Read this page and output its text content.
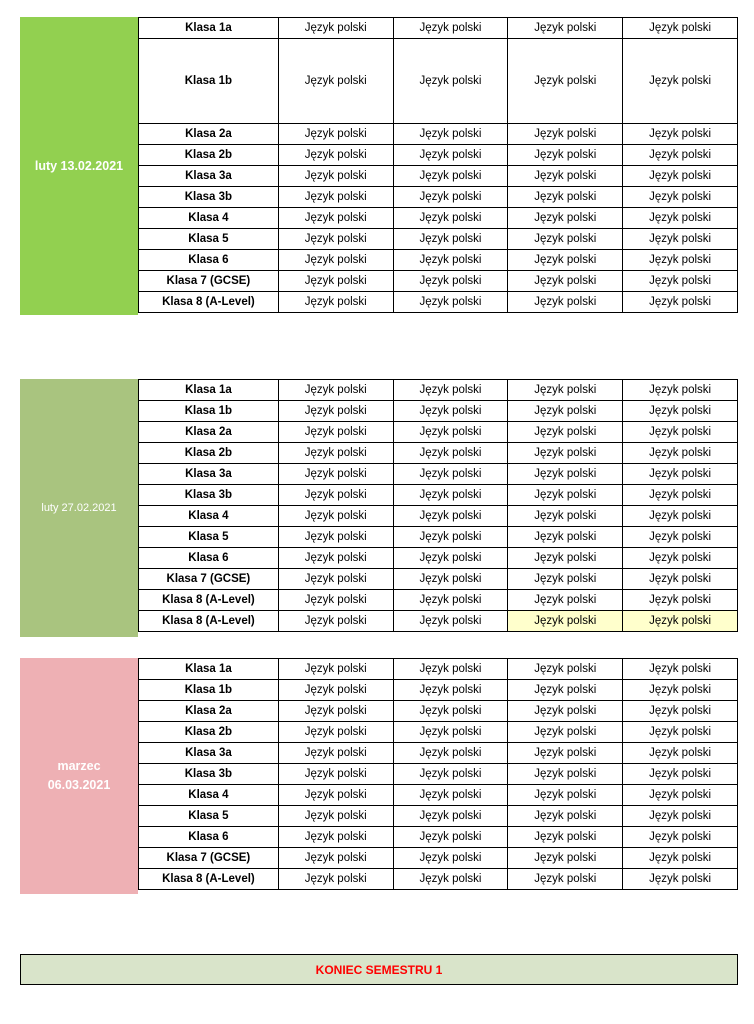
luty 13.02.2021
Klasa 1a	Język polski	Język polski	Język polski	Język polski
Klasa 1b	Język polski	Język polski	Język polski	Język polski
Klasa 2a	Język polski	Język polski	Język polski	Język polski
Klasa 2b	Język polski	Język polski	Język polski	Język polski
Klasa 3a	Język polski	Język polski	Język polski	Język polski
Klasa 3b	Język polski	Język polski	Język polski	Język polski
Klasa 4	Język polski	Język polski	Język polski	Język polski
Klasa 5	Język polski	Język polski	Język polski	Język polski
Klasa 6	Język polski	Język polski	Język polski	Język polski
Klasa 7 (GCSE)	Język polski	Język polski	Język polski	Język polski
Klasa 8 (A-Level)	Język polski	Język polski	Język polski	Język polski
luty 27.02.2021
Klasa 1a	Język polski	Język polski	Język polski	Język polski
Klasa 1b	Język polski	Język polski	Język polski	Język polski
Klasa 2a	Język polski	Język polski	Język polski	Język polski
Klasa 2b	Język polski	Język polski	Język polski	Język polski
Klasa 3a	Język polski	Język polski	Język polski	Język polski
Klasa 3b	Język polski	Język polski	Język polski	Język polski
Klasa 4	Język polski	Język polski	Język polski	Język polski
Klasa 5	Język polski	Język polski	Język polski	Język polski
Klasa 6	Język polski	Język polski	Język polski	Język polski
Klasa 7 (GCSE)	Język polski	Język polski	Język polski	Język polski
Klasa 8 (A-Level)	Język polski	Język polski	Język polski	Język polski
Klasa 8 (A-Level)	Język polski	Język polski	Język polski	Język polski
marzec
06.03.2021
Klasa 1a	Język polski	Język polski	Język polski	Język polski
Klasa 1b	Język polski	Język polski	Język polski	Język polski
Klasa 2a	Język polski	Język polski	Język polski	Język polski
Klasa 2b	Język polski	Język polski	Język polski	Język polski
Klasa 3a	Język polski	Język polski	Język polski	Język polski
Klasa 3b	Język polski	Język polski	Język polski	Język polski
Klasa 4	Język polski	Język polski	Język polski	Język polski
Klasa 5	Język polski	Język polski	Język polski	Język polski
Klasa 6	Język polski	Język polski	Język polski	Język polski
Klasa 7 (GCSE)	Język polski	Język polski	Język polski	Język polski
Klasa 8 (A-Level)	Język polski	Język polski	Język polski	Język polski
KONIEC SEMESTRU 1
